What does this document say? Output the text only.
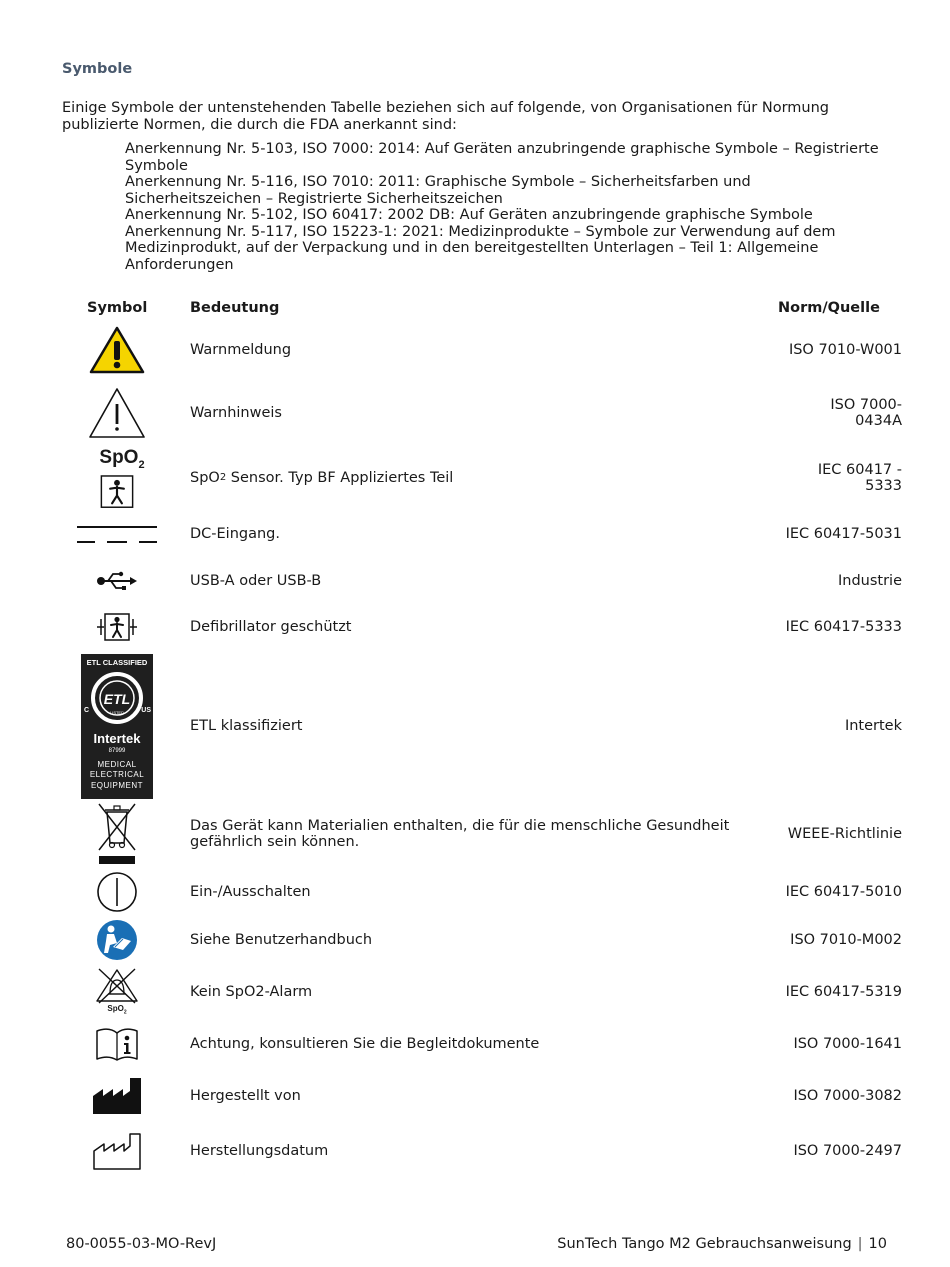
Symbole
Einige Symbole der untenstehenden Tabelle beziehen sich auf folgende, von Organisationen für Normung publizierte Normen, die durch die FDA anerkannt sind:
Anerkennung Nr. 5-103, ISO 7000: 2014: Auf Geräten anzubringende graphische Symbole – Registrierte Symbole
Anerkennung Nr. 5-116, ISO 7010: 2011: Graphische Symbole – Sicherheitsfarben und Sicherheitszeichen – Registrierte Sicherheitszeichen
Anerkennung Nr. 5-102, ISO 60417: 2002 DB: Auf Geräten anzubringende graphische Symbole
Anerkennung Nr. 5-117, ISO 15223-1: 2021: Medizinprodukte – Symbole zur Verwendung auf dem Medizinprodukt, auf der Verpackung und in den bereitgestellten Unterlagen – Teil 1: Allgemeine Anforderungen
Symbol	Bedeutung	Norm/Quelle
Warnmeldung	ISO 7010-W001
Warnhinweis	ISO 7000-
0434A
SpO$_2$
SpO 2 Sensor. Typ BF Appliziertes Teil	IEC 60417 -
5333
DC-Eingang.	IEC 60417-5031
USB-A oder USB-B	Industrie
Defibrillator geschützt	IEC 60417-5333
ETL CLASSIFIED
ETL
LISTED
C	US
Intertek
87999
MEDICAL
ELECTRICAL
EQUIPMENT
ETL klassifiziert	Intertek
Das Gerät kann Materialien enthalten, die für die menschliche Gesundheit gefährlich sein können.	WEEE-Richtlinie
Ein-/Ausschalten	IEC 60417-5010
Siehe Benutzerhandbuch	ISO 7010-M002
SpO$_2$
Kein SpO2-Alarm	IEC 60417-5319
Achtung, konsultieren Sie die Begleitdokumente	ISO 7000-1641
Hergestellt von	ISO 7000-3082
Herstellungsdatum	ISO 7000-2497
80-0055-03-MO-RevJ	SunTech Tango M2 Gebrauchsanweisung | 10
